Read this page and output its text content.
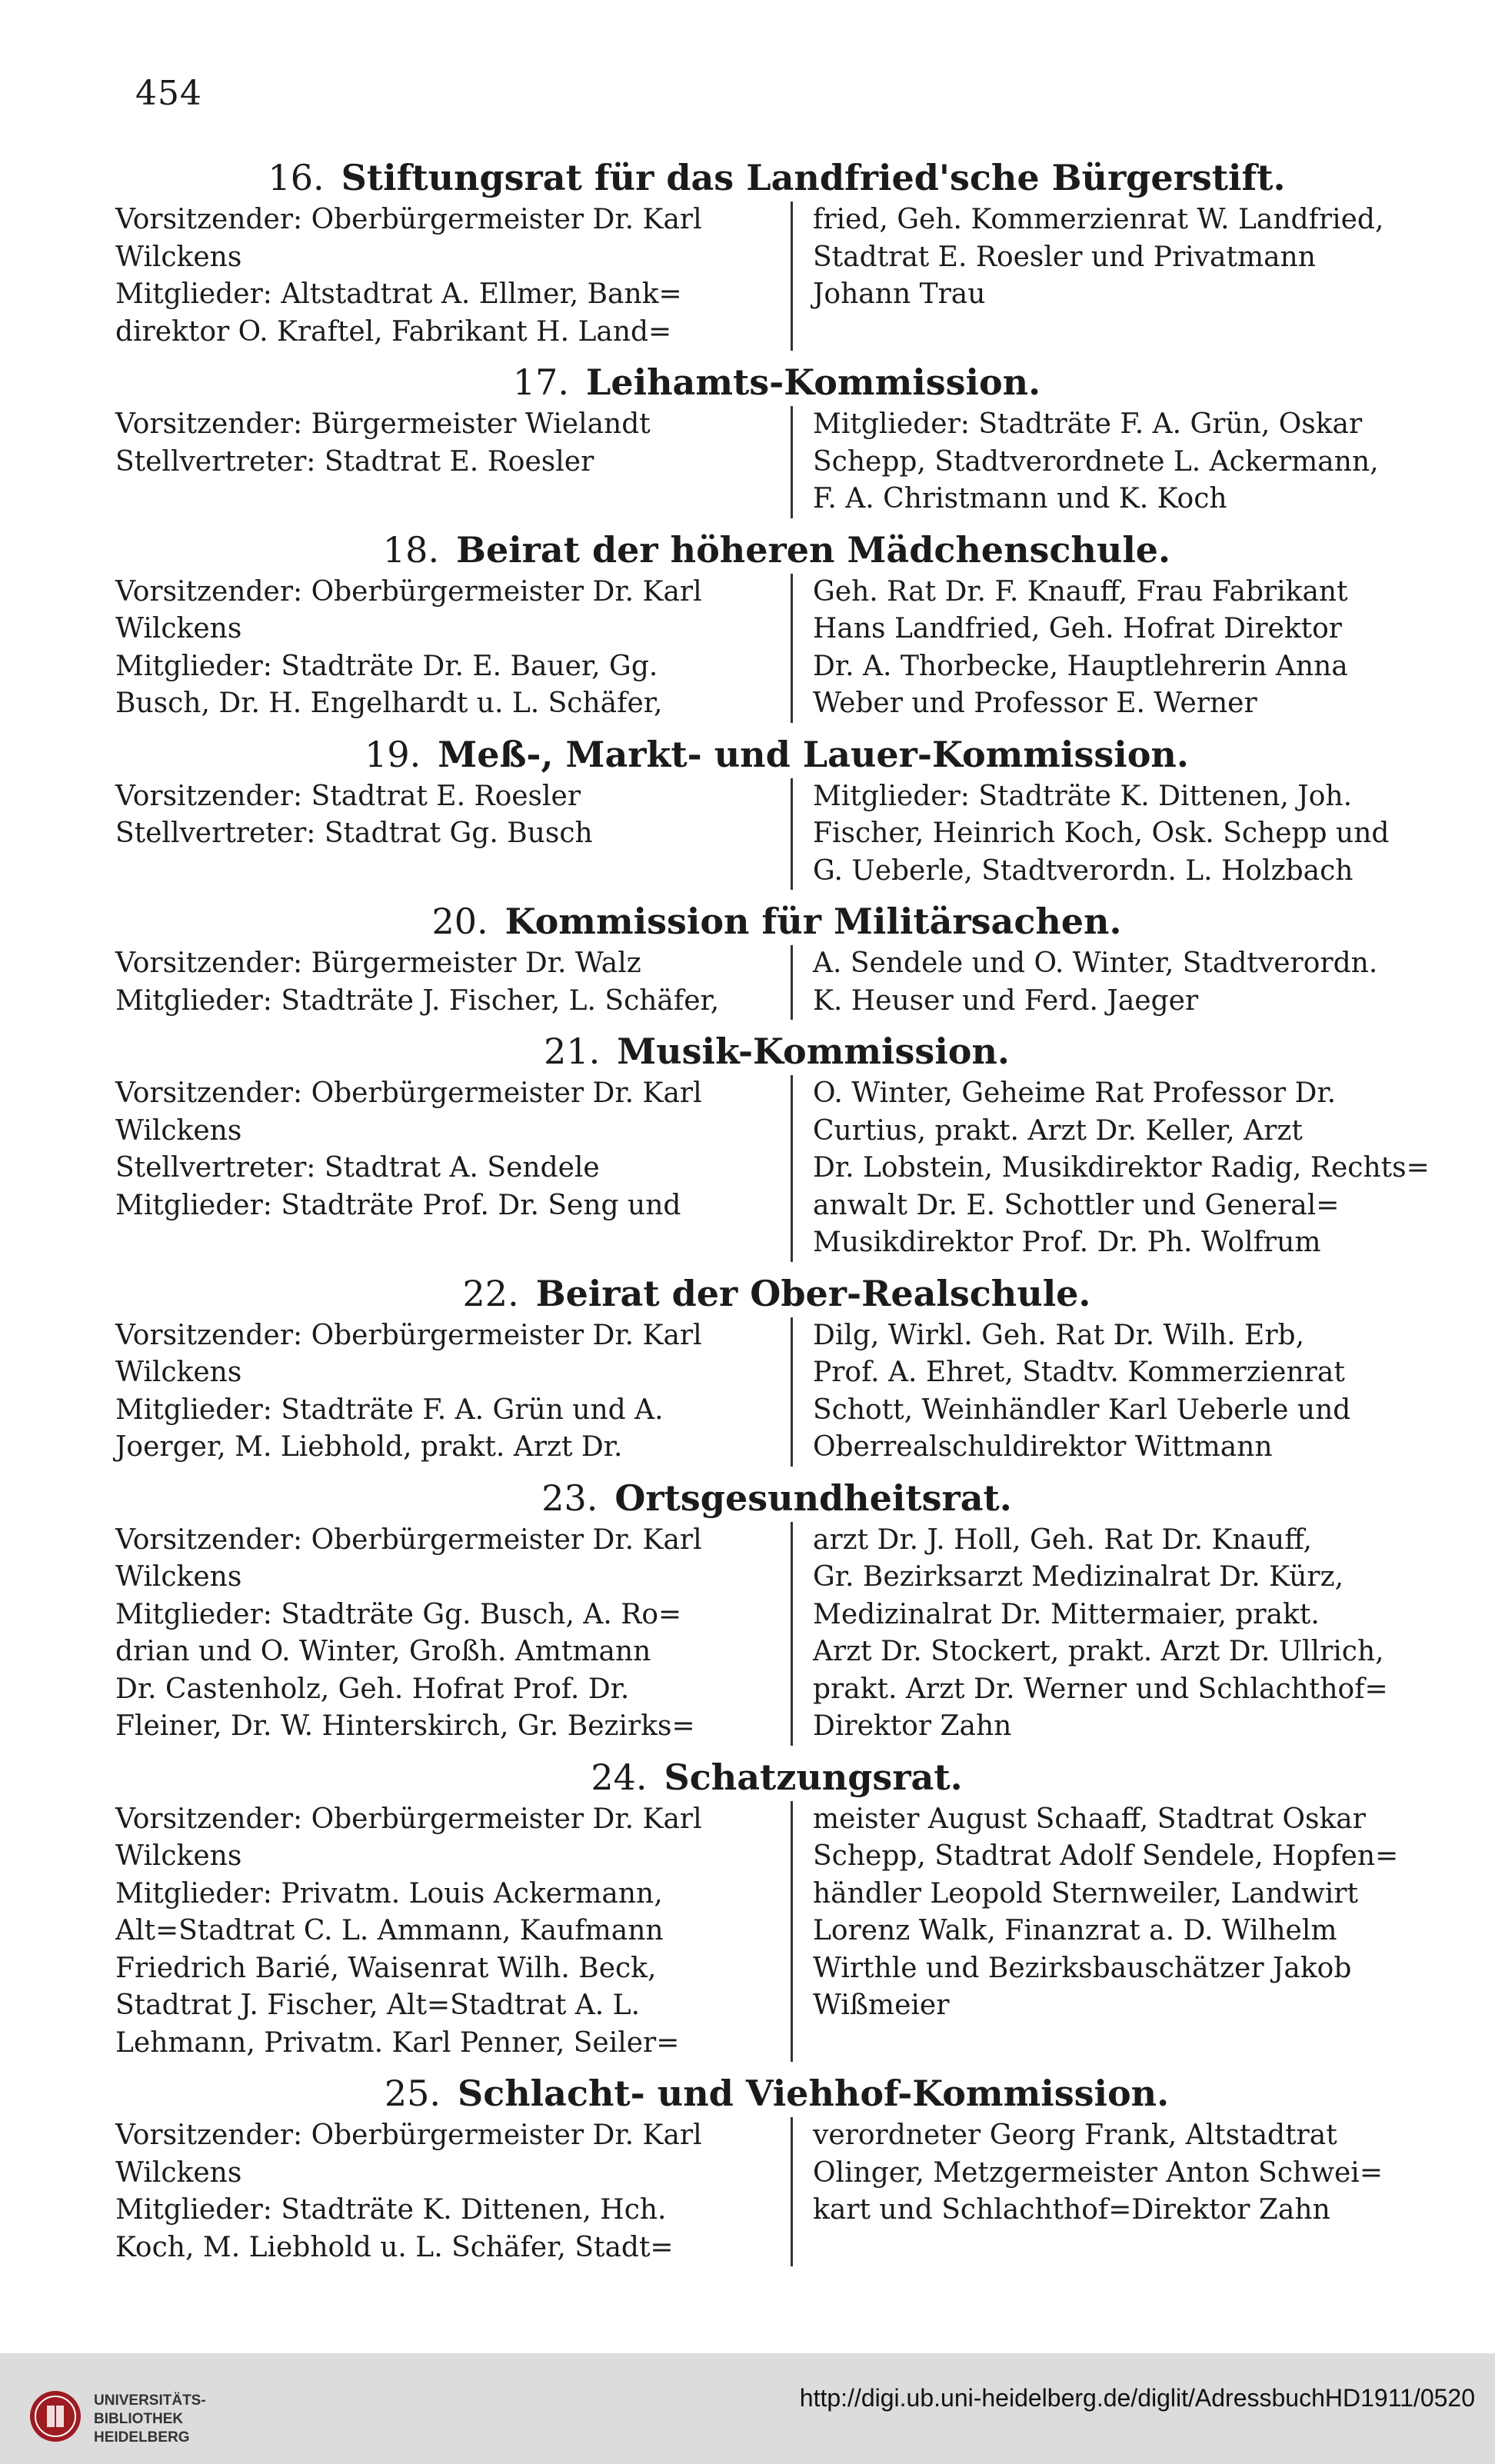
454
16. Stiftungsrat für das Landfried'sche Bürgerstift.
Vorsitzender: Oberbürgermeister Dr. Karl
Wilckens
Mitglieder: Altstadtrat A. Ellmer, Bank=
direktor O. Kraftel, Fabrikant H. Land=
fried, Geh. Kommerzienrat W. Landfried,
Stadtrat E. Roesler und Privatmann
Johann Trau
17. Leihamts-Kommission.
Vorsitzender: Bürgermeister Wielandt
Stellvertreter: Stadtrat E. Roesler
Mitglieder: Stadträte F. A. Grün, Oskar
Schepp, Stadtverordnete L. Ackermann,
F. A. Christmann und K. Koch
18. Beirat der höheren Mädchenschule.
Vorsitzender: Oberbürgermeister Dr. Karl
Wilckens
Mitglieder: Stadträte Dr. E. Bauer, Gg.
Busch, Dr. H. Engelhardt u. L. Schäfer,
Geh. Rat Dr. F. Knauff, Frau Fabrikant
Hans Landfried, Geh. Hofrat Direktor
Dr. A. Thorbecke, Hauptlehrerin Anna
Weber und Professor E. Werner
19. Meß-, Markt- und Lauer-Kommission.
Vorsitzender: Stadtrat E. Roesler
Stellvertreter: Stadtrat Gg. Busch
Mitglieder: Stadträte K. Dittenen, Joh.
Fischer, Heinrich Koch, Osk. Schepp und
G. Ueberle, Stadtverordn. L. Holzbach
20. Kommission für Militärsachen.
Vorsitzender: Bürgermeister Dr. Walz
Mitglieder: Stadträte J. Fischer, L. Schäfer,
A. Sendele und O. Winter, Stadtverordn.
K. Heuser und Ferd. Jaeger
21. Musik-Kommission.
Vorsitzender: Oberbürgermeister Dr. Karl
Wilckens
Stellvertreter: Stadtrat A. Sendele
Mitglieder: Stadträte Prof. Dr. Seng und
O. Winter, Geheime Rat Professor Dr.
Curtius, prakt. Arzt Dr. Keller, Arzt
Dr. Lobstein, Musikdirektor Radig, Rechts=
anwalt Dr. E. Schottler und General=
Musikdirektor Prof. Dr. Ph. Wolfrum
22. Beirat der Ober-Realschule.
Vorsitzender: Oberbürgermeister Dr. Karl
Wilckens
Mitglieder: Stadträte F. A. Grün und A.
Joerger, M. Liebhold, prakt. Arzt Dr.
Dilg, Wirkl. Geh. Rat Dr. Wilh. Erb,
Prof. A. Ehret, Stadtv. Kommerzienrat
Schott, Weinhändler Karl Ueberle und
Oberrealschuldirektor Wittmann
23. Ortsgesundheitsrat.
Vorsitzender: Oberbürgermeister Dr. Karl
Wilckens
Mitglieder: Stadträte Gg. Busch, A. Ro=
drian und O. Winter, Großh. Amtmann
Dr. Castenholz, Geh. Hofrat Prof. Dr.
Fleiner, Dr. W. Hinterskirch, Gr. Bezirks=
arzt Dr. J. Holl, Geh. Rat Dr. Knauff,
Gr. Bezirksarzt Medizinalrat Dr. Kürz,
Medizinalrat Dr. Mittermaier, prakt.
Arzt Dr. Stockert, prakt. Arzt Dr. Ullrich,
prakt. Arzt Dr. Werner und Schlachthof=
Direktor Zahn
24. Schatzungsrat.
Vorsitzender: Oberbürgermeister Dr. Karl
Wilckens
Mitglieder: Privatm. Louis Ackermann,
Alt=Stadtrat C. L. Ammann, Kaufmann
Friedrich Barié, Waisenrat Wilh. Beck,
Stadtrat J. Fischer, Alt=Stadtrat A. L.
Lehmann, Privatm. Karl Penner, Seiler=
meister August Schaaff, Stadtrat Oskar
Schepp, Stadtrat Adolf Sendele, Hopfen=
händler Leopold Sternweiler, Landwirt
Lorenz Walk, Finanzrat a. D. Wilhelm
Wirthle und Bezirksbauschätzer Jakob
Wißmeier
25. Schlacht- und Viehhof-Kommission.
Vorsitzender: Oberbürgermeister Dr. Karl
Wilckens
Mitglieder: Stadträte K. Dittenen, Hch.
Koch, M. Liebhold u. L. Schäfer, Stadt=
verordneter Georg Frank, Altstadtrat
Olinger, Metzgermeister Anton Schwei=
kart und Schlachthof=Direktor Zahn
UNIVERSITÄTS-
BIBLIOTHEK
HEIDELBERG
http://digi.ub.uni-heidelberg.de/diglit/AdressbuchHD1911/0520
